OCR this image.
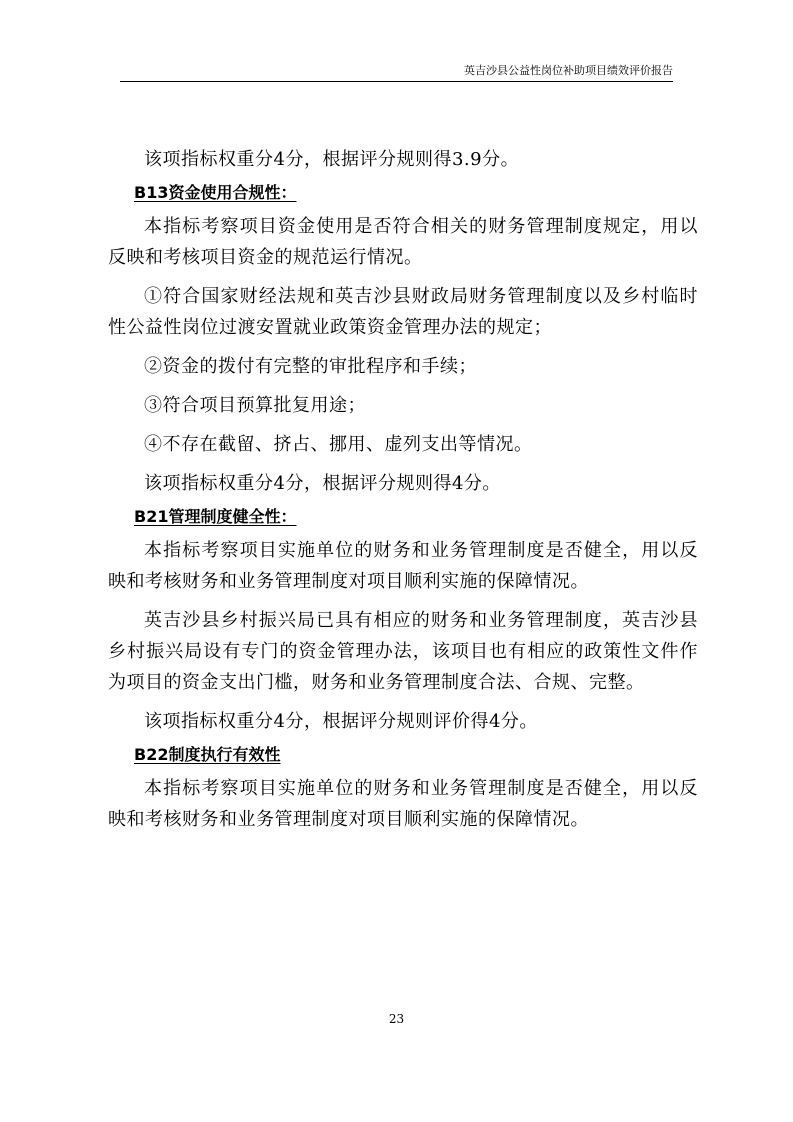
英吉沙县公益性岗位补助项目绩效评价报告

该项指标权重分4分，根据评分规则得3.9分。

B13资金使用合规性：

本指标考察项目资金使用是否符合相关的财务管理制度规定，用以反映和考核项目资金的规范运行情况。

①符合国家财经法规和英吉沙县财政局财务管理制度以及乡村临时性公益性岗位过渡安置就业政策资金管理办法的规定；

②资金的拨付有完整的审批程序和手续；

③符合项目预算批复用途；

④不存在截留、挤占、挪用、虚列支出等情况。

该项指标权重分4分，根据评分规则得4分。

B21管理制度健全性：

本指标考察项目实施单位的财务和业务管理制度是否健全，用以反映和考核财务和业务管理制度对项目顺利实施的保障情况。

英吉沙县乡村振兴局已具有相应的财务和业务管理制度，英吉沙县乡村振兴局设有专门的资金管理办法，该项目也有相应的政策性文件作为项目的资金支出门槛，财务和业务管理制度合法、合规、完整。

该项指标权重分4分，根据评分规则评价得4分。

B22制度执行有效性

本指标考察项目实施单位的财务和业务管理制度是否健全，用以反映和考核财务和业务管理制度对项目顺利实施的保障情况。

23
